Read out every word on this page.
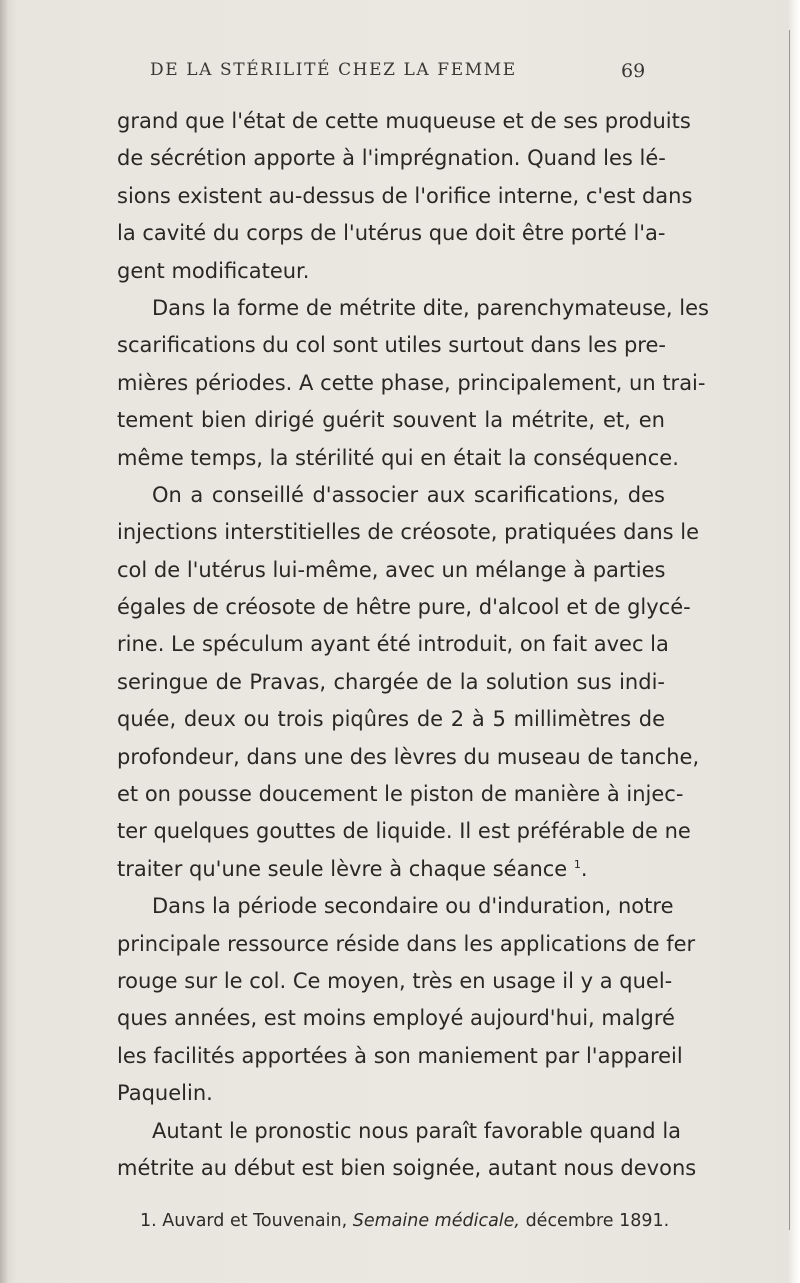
DE LA STÉRILITÉ CHEZ LA FEMME	69
grand que l'état de cette muqueuse et de ses produits
de sécrétion apporte à l'imprégnation. Quand les lé-
sions existent au-dessus de l'orifice interne, c'est dans
la cavité du corps de l'utérus que doit être porté l'a-
gent modificateur.
Dans la forme de métrite dite, parenchymateuse, les
scarifications du col sont utiles surtout dans les pre-
mières périodes. A cette phase, principalement, un trai-
tement bien dirigé guérit souvent la métrite, et, en
même temps, la stérilité qui en était la conséquence.
On a conseillé d'associer aux scarifications, des
injections interstitielles de créosote, pratiquées dans le
col de l'utérus lui-même, avec un mélange à parties
égales de créosote de hêtre pure, d'alcool et de glycé-
rine. Le spéculum ayant été introduit, on fait avec la
seringue de Pravas, chargée de la solution sus indi-
quée, deux ou trois piqûres de 2 à 5 millimètres de
profondeur, dans une des lèvres du museau de tanche,
et on pousse doucement le piston de manière à injec-
ter quelques gouttes de liquide. Il est préférable de ne
traiter qu'une seule lèvre à chaque séance $^1$.
Dans la période secondaire ou d'induration, notre
principale ressource réside dans les applications de fer
rouge sur le col. Ce moyen, très en usage il y a quel-
ques années, est moins employé aujourd'hui, malgré
les facilités apportées à son maniement par l'appareil
Paquelin.
Autant le pronostic nous paraît favorable quand la
métrite au début est bien soignée, autant nous devons
1. Auvard et Touvenain, Semaine médicale, décembre 1891.
